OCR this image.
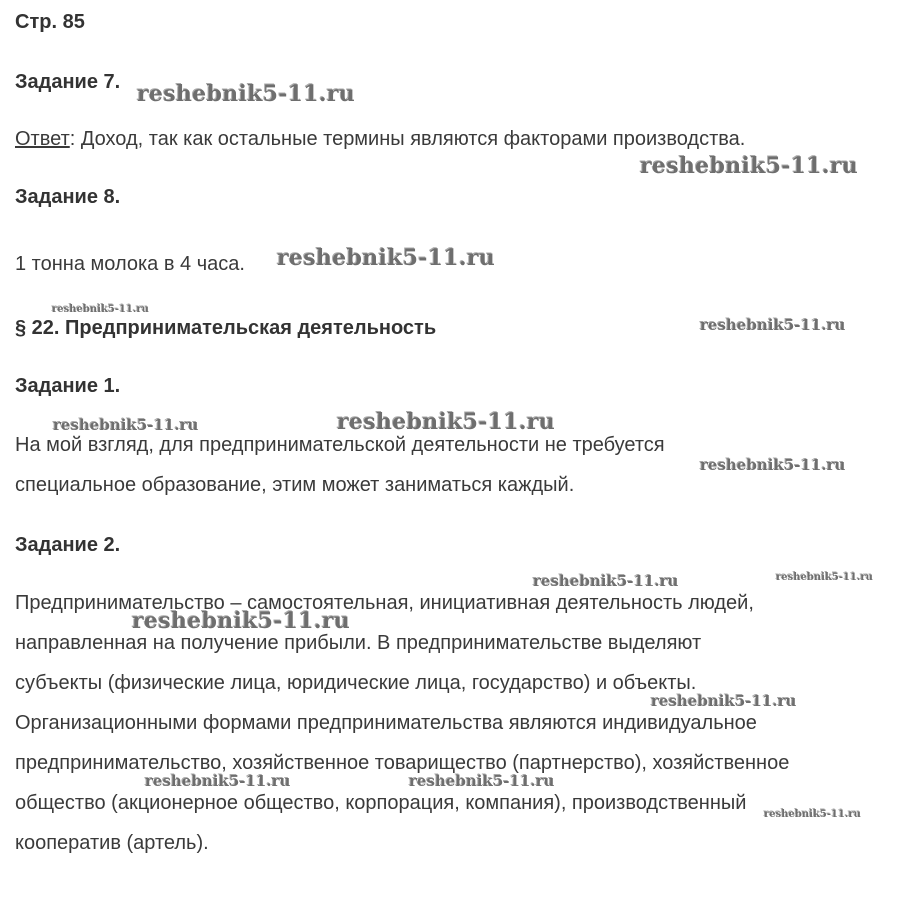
Стр. 85
Задание 7.
Ответ: Доход, так как остальные термины являются факторами производства.
Задание 8.
1 тонна молока в 4 часа.
§ 22. Предпринимательская деятельность
Задание 1.

На мой взгляд, для предпринимательской деятельности не требуется
специальное образование, этим может заниматься каждый.

Задание 2.

Предпринимательство – самостоятельная, инициативная деятельность людей,
направленная на получение прибыли. В предпринимательстве выделяют
субъекты (физические лица, юридические лица, государство) и объекты.
Организационными формами предпринимательства являются индивидуальное
предпринимательство, хозяйственное товарищество (партнерство), хозяйственное
общество (акционерное общество, корпорация, компания), производственный
кооператив (артель).

reshebnik5-11.ru
reshebnik5-11.ru
reshebnik5-11.ru
reshebnik5-11.ru
reshebnik5-11.ru
reshebnik5-11.ru	reshebnik5-11.ru
reshebnik5-11.ru
reshebnik5-11.ru	reshebnik5-11.ru
reshebnik5-11.ru
reshebnik5-11.ru
reshebnik5-11.ru	reshebnik5-11.ru
reshebnik5-11.ru
